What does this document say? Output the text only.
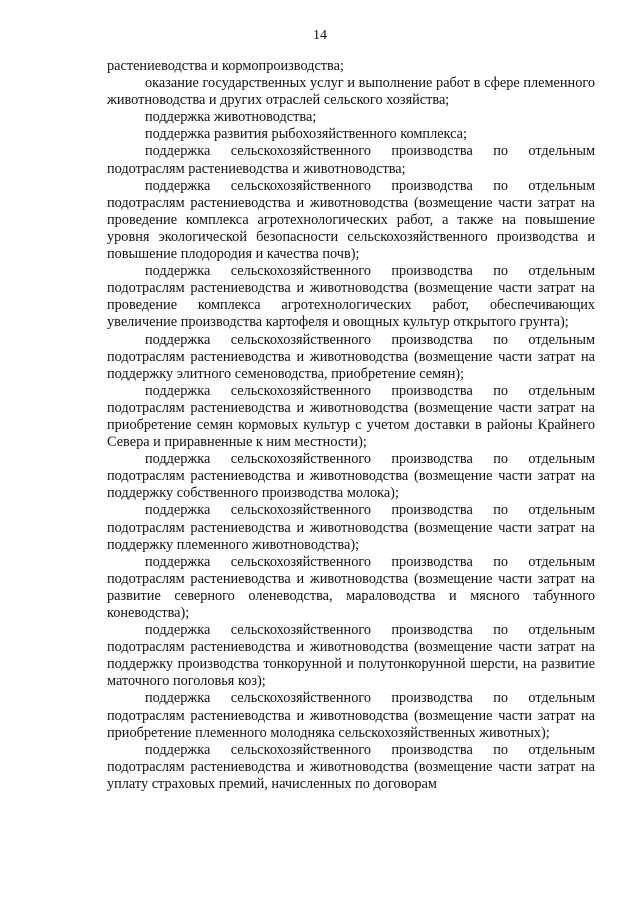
14

растениеводства и кормопроизводства;

оказание государственных услуг и выполнение работ в сфере племенного животноводства и других отраслей сельского хозяйства;

поддержка животноводства;

поддержка развития рыбохозяйственного комплекса;

поддержка сельскохозяйственного производства по отдельным подотраслям растениеводства и животноводства;

поддержка сельскохозяйственного производства по отдельным подотраслям растениеводства и животноводства (возмещение части затрат на проведение комплекса агротехнологических работ, а также на повышение уровня экологической безопасности сельскохозяйственного производства и повышение плодородия и качества почв);

поддержка сельскохозяйственного производства по отдельным подотраслям растениеводства и животноводства (возмещение части затрат на проведение комплекса агротехнологических работ, обеспечивающих увеличение производства картофеля и овощных культур открытого грунта);

поддержка сельскохозяйственного производства по отдельным подотраслям растениеводства и животноводства (возмещение части затрат на поддержку элитного семеноводства, приобретение семян);

поддержка сельскохозяйственного производства по отдельным подотраслям растениеводства и животноводства (возмещение части затрат на приобретение семян кормовых культур с учетом доставки в районы Крайнего Севера и приравненные к ним местности);

поддержка сельскохозяйственного производства по отдельным подотраслям растениеводства и животноводства (возмещение части затрат на поддержку собственного производства молока);

поддержка сельскохозяйственного производства по отдельным подотраслям растениеводства и животноводства (возмещение части затрат на поддержку племенного животноводства);

поддержка сельскохозяйственного производства по отдельным подотраслям растениеводства и животноводства (возмещение части затрат на развитие северного оленеводства, мараловодства и мясного табунного коневодства);

поддержка сельскохозяйственного производства по отдельным подотраслям растениеводства и животноводства (возмещение части затрат на поддержку производства тонкорунной и полутонкорунной шерсти, на развитие маточного поголовья коз);

поддержка сельскохозяйственного производства по отдельным подотраслям растениеводства и животноводства (возмещение части затрат на приобретение племенного молодняка сельскохозяйственных животных);

поддержка сельскохозяйственного производства по отдельным подотраслям растениеводства и животноводства (возмещение части затрат на уплату страховых премий, начисленных по договорам
